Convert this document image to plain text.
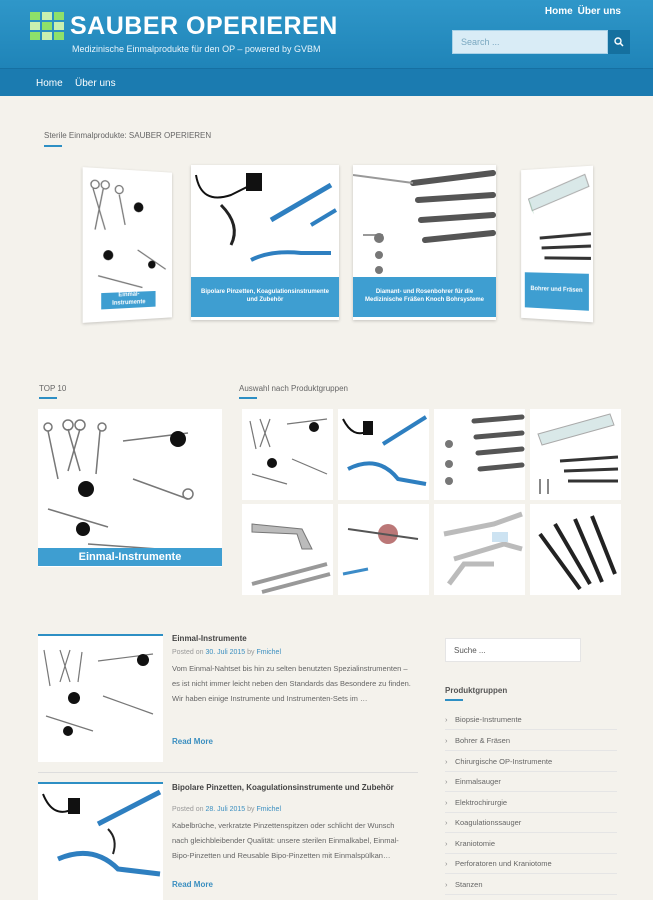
SAUBER OPERIEREN
Medizinische Einmalprodukte für den OP – powered by GVBM
Home Über uns
Search ...
Home Über uns
Sterile Einmalprodukte: SAUBER OPERIEREN
Einmal-Instrumente
Bipolare Pinzetten, Koagulationsinstrumente und Zubehör
Diamant- und Rosenbohrer für die Medizinische Fräßen Knoch Bohrsysteme
Bohrer und Fräsen
TOP 10
Einmal-Instrumente
Auswahl nach Produktgruppen
Einmal-Instrumente
Posted on 30. Juli 2015 by Fmichel
Vom Einmal-Nahtset bis hin zu selten benutzten Spezialinstrumenten – es ist nicht immer leicht neben den Standards das Besondere zu finden. Wir haben einige Instrumente und Instrumenten-Sets im …
Read More
Bipolare Pinzetten, Koagulationsinstrumente und Zubehör
Posted on 28. Juli 2015 by Fmichel
Kabelbrüche, verkratzte Pinzettenspitzen oder schlicht der Wunsch nach gleichbleibender Qualität: unsere sterilen Einmalkabel, Einmal-Bipo-Pinzetten und Reusable Bipo-Pinzetten mit Einmalspülkan…
Read More
Suche ...
Produktgruppen
› Biopsie-Instrumente
› Bohrer & Fräsen
› Chirurgische OP-Instrumente
› Einmalsauger
› Elektrochirurgie
› Koagulationssauger
› Kraniotomie
› Perforatoren und Kraniotome
› Stanzen
